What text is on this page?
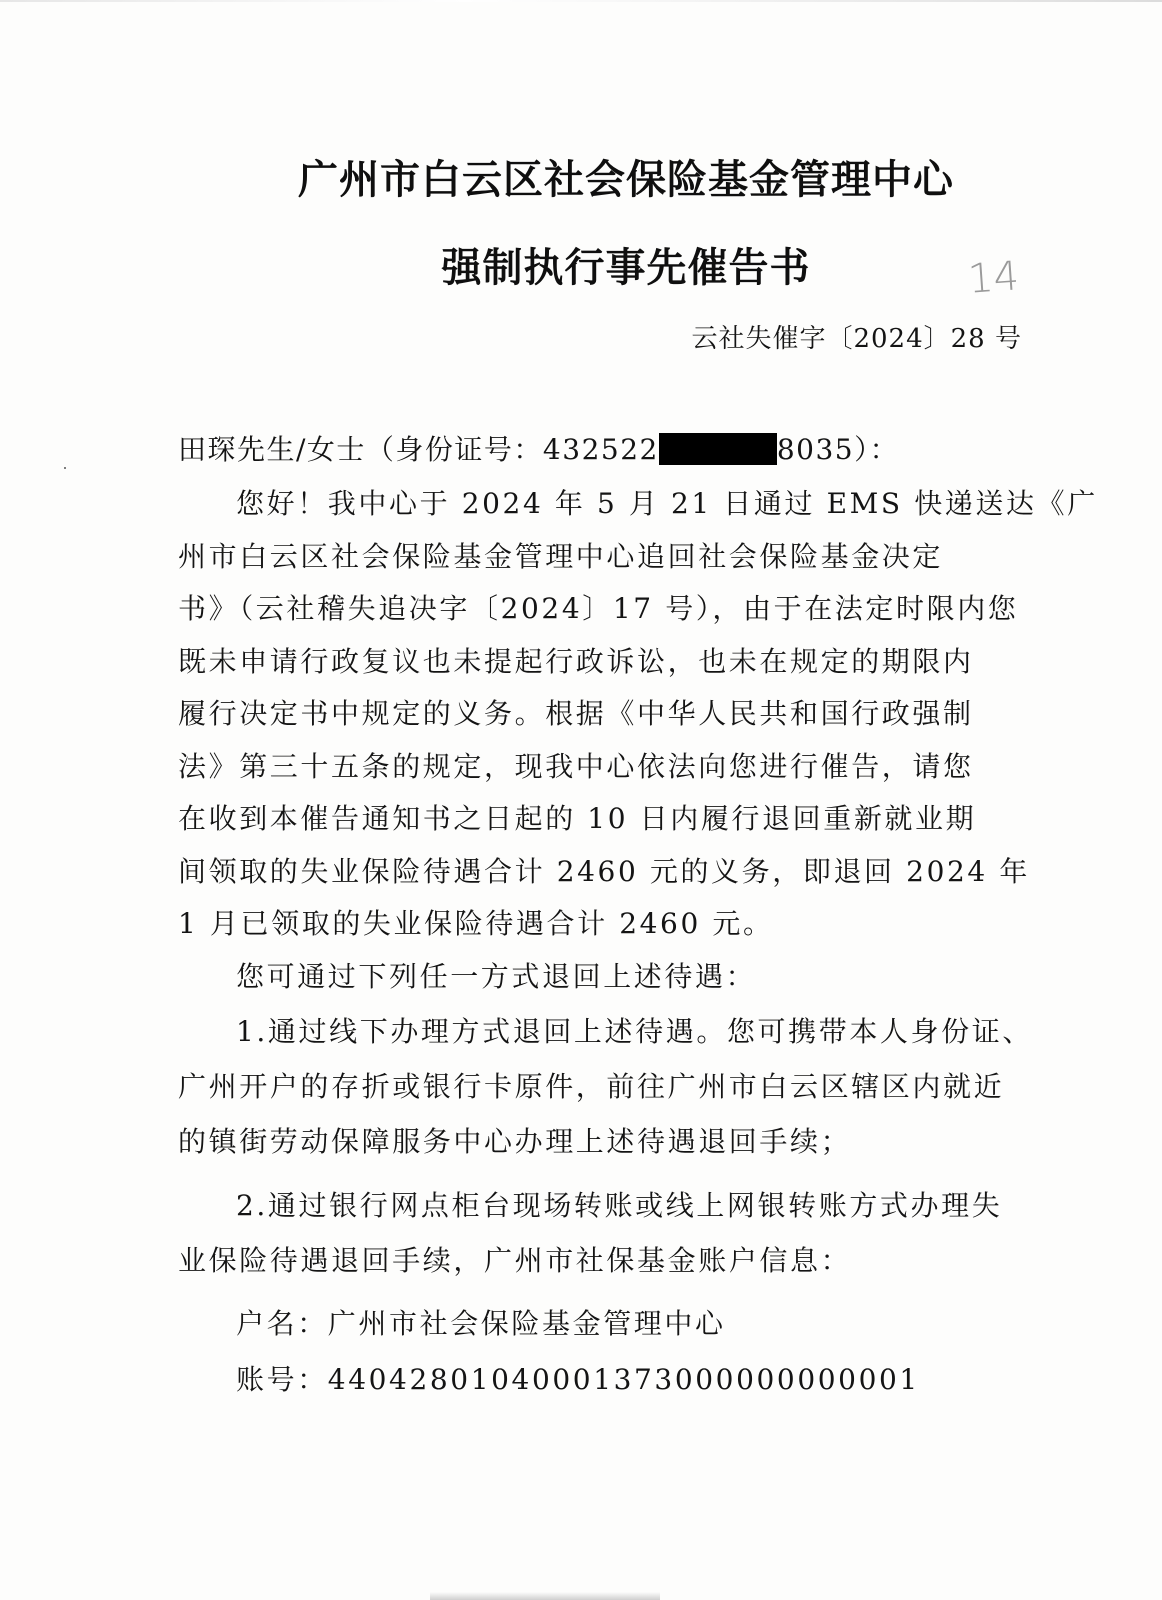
广州市白云区社会保险基金管理中心
强制执行事先催告书	14
云社失催字〔2024〕28 号
田琛先生/女士（身份证号：432522	8035）：

您好！我中心于 2024 年 5 月 21 日通过 EMS 快递送达《广

州市白云区社会保险基金管理中心追回社会保险基金决定

书》（云社稽失追决字〔2024〕17 号），由于在法定时限内您

既未申请行政复议也未提起行政诉讼，也未在规定的期限内

履行决定书中规定的义务。根据《中华人民共和国行政强制

法》第三十五条的规定，现我中心依法向您进行催告，请您

在收到本催告通知书之日起的 10 日内履行退回重新就业期

间领取的失业保险待遇合计 2460 元的义务，即退回 2024 年

1 月已领取的失业保险待遇合计 2460 元。

您可通过下列任一方式退回上述待遇：

1.通过线下办理方式退回上述待遇。您可携带本人身份证、

广州开户的存折或银行卡原件，前往广州市白云区辖区内就近

的镇街劳动保障服务中心办理上述待遇退回手续；

2.通过银行网点柜台现场转账或线上网银转账方式办理失

业保险待遇退回手续，广州市社保基金账户信息：

户名：广州市社会保险基金管理中心

账号：44042801040001373000000000001
